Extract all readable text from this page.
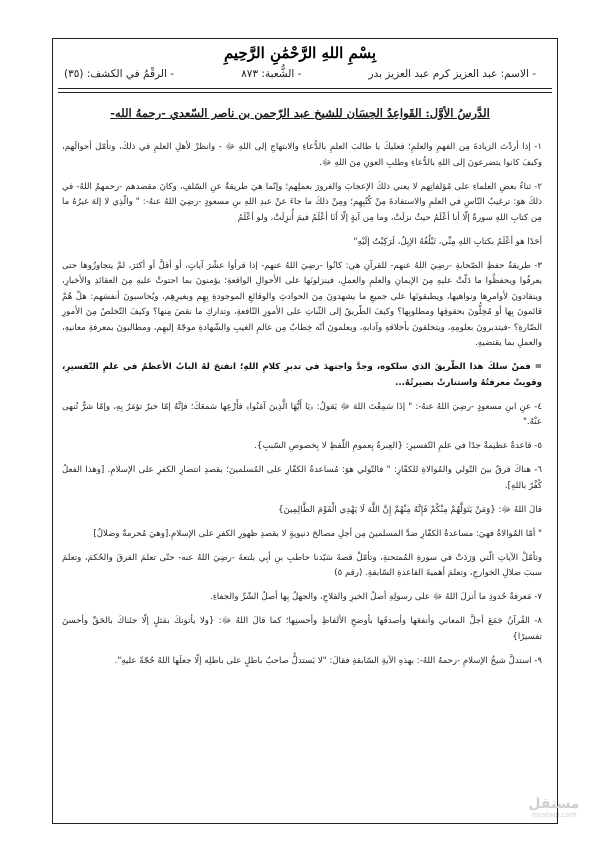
بِسْمِ اللهِ الرَّحْمَٰنِ الرَّحِيمِ
- الاسم: عبد العزيز كرم عبد العزيز بدر
- الشُّعبة: ٨٧٣
- الرقْمُ في الكشف: (٣٥)
الدَّرسُ الأوَّل: القَواعِدُ الحِسَان للشيخِ عبد الرّحمن بن ناصر السّعدي -رحمهُ الله-

١- إذا أردْتَ الزيادةَ مِن الفهمِ والعلمِ؛ فعليكَ يا طالبَ العلمِ بالدُّعاءِ والابتهاجِ إلى اللهِ ﷻ - وانظرْ لأهلِ العلمِ في ذلكَ، وتأمّل أحوالَهم، وكيفَ كانوا يتضرعونَ إلى اللهِ بالدُّعاءِ وطلبِ العونِ مِنَ اللهِ ﷻ.

٢- ثناءُ بعضِ العلماءِ على مُؤلفاتِهم لا يعني ذلكَ الإعجابَ والغرورَ بعملِهم؛ وإنّما هيَ طريقةٌ عنِ السّلفِ، وكانَ مقصدهم -رحمهمُ اللهُ- في ذلكَ هوَ: ترغيبُ النّاسِ في العلمِ والاستفادةَ مِنْ كُتُبِهِم؛ ومِنْ ذلكَ ما جاءَ عنْ عبدِ اللهِ بنِ مسعودٍ -رضِيَ اللهُ عنهُ-: " والّذِي لا إلهَ غيرُهُ ما مِن كتابِ اللهِ سورةٌ إلّا أنا أعْلَمُ حيثُ نزلَتْ، وما مِن آيةٍ إلّا أنَا أعْلَمُ فيمَ أُنزِلَتْ، ولو أعْلَمُ

أحَدًا هو أعْلَمُ بكتابِ اللهِ مِنِّي، تَبْلُغُهُ الإبِلُ، لَرَكِبْتُ إلَيْهِ"

٣- طريقةُ حفظِ الصّحابةِ -رضِيَ اللهُ عنهم- للقرآنِ هي: كانُوا -رضِيَ اللهُ عنهم- إذا قرأوا عشْرَ آياتٍ، أو أقلَّ أو أكثرَ، لمْ يتجاوزُوها حتى يعرفُوا ويحفظُوا ما دَلّتْ عليهِ مِنَ الإيمانِ والعلمِ والعملِ، فينزلونَها على الأحوالِ الواقعةِ؛ يؤمنونَ بما احتوتْ عليهِ مِنَ العقائدِ والأخبارِ، وينقادونَ لأوامرِها ونواهيها، ويطبقونَها على جميعِ ما يشهدونَ مِنَ الحوادثِ والوقائعِ الموجودةِ بِهِم وبغيرِهِم، ويُحاسبونَ أنفسَهم: هلْ هُمْ قائمونَ بِها أو مُخِلُّونَ بحقوقِها ومطلوبِها؟ وكيفَ الطّريقُ إلى الثّباتِ على الأمورِ النّافعةِ، وتداركِ ما نقصَ مِنها؟ وكيفَ التّخلصُ مِنَ الأمورِ الضّارةِ؟ -فيتدبرونَ بعلومِهِ، ويتخلقونَ بأخلاقهِ وآدابهِ، ويعلمونَ أنّه خِطابٌ مِن عالمِ الغيبِ والشّهادةِ موجّهٌ إليهِم، ومطالبونَ بمعرفةِ معانيهِ، والعملِ بما يقتضيهِ.

= فمنْ سلكَ هذا الطّريقَ الذي سلكوه، وجدَّ واجتهدَ في تدبرِ كلامِ اللهِ؛ انفتحَ لهُ البابُ الأعظمُ في علمِ التّفسيرِ، وقويتْ معرفتُهُ واستنارتْ بصيرتُهُ...

٤- عنِ ابنِ مسعودٍ -رضِيَ اللهُ عنهُ-: " إذَا سَمِعْتَ اللهَ ﷻ يَقولُ: ﴿يَا أَيُّهَا الَّذِينَ آمَنُوا﴾ فأَرْعِها سَمعَكَ؛ فإنَّهُ إمّا خيرٌ تؤمَرُ بِهِ، وإمّا شرٌّ تُنهى عنْهُ."

٥- قاعدةٌ عظيمةٌ جدًا في علمِ التّفسيرِ: {العِبرةُ بِعمومِ اللّفظِ لا بِخصوصِ السّببِ}.

٦- هناكَ فرقٌ بينَ التّولي والمُوالاةِ للكفّارِ: " فالتّولي هوَ: مُساعدةُ الكفّارِ على المُسلمينَ؛ بقصدِ انتصارِ الكفرِ على الإسلامِ. [وهذا الفعلُ كُفْرٌ باللهِ].

قالَ اللهُ ﷻ: {وَمَنْ يَتَوَلَّهُمْ مِنْكُمْ فَإِنَّهُ مِنْهُمْ إِنَّ اللَّهَ لَا يَهْدِي الْقَوْمَ الظَّالِمِينَ}

" أمّا المُوالاةُ فهيَ: مساعدةُ الكفّارِ ضدَّ المسلمينَ مِن أجلِ مصالحَ دنيويةٍ لا بقصدِ ظهورِ الكفرِ على الإسلامِ.[وهيَ مُحرمةٌ وضلالٌ]

وتأمّلْ الآياتِ الّتي وَرَدَتْ في سورةِ المُمتحنةِ، وتأمّلْ قصةَ سَيّدنا حاطبِ بنِ أبِي بلتعةَ -رضِيَ اللهُ عنه- حتّى تعلمَ الفرقَ والحُكمَ، وتعلمَ سببَ ضلالِ الخوارجِ، وتعلمَ أهميةَ القاعدةِ السّابقةِ. (رقم ٥)

٧- مَعرفةُ حُدودِ ما أنزلَ اللهُ ﷻ على رسولِهِ أصلُ الخيرِ والفلاحِ، والجهلُ بِها أصلُ الشّرِّ والجفاءِ.

٨- القُرآنُ جَمَعَ أجلَّ المعاني وأنفعَها وأصدقَها بأوضحِ الألفاظِ وأحسنِها؛ كما قالَ اللهُ ﷻ: {ولا يأتونكَ بمَثلٍ إلّا جئناكَ بالحَقِّ وأحسنَ تفسيرًا}

٩- استدلَّ شيخُ الإسلامِ -رحمهُ اللهُ-: بهذهِ الآيةِ السّابقةِ فقالَ: "لا يَستدلُّ صاحبُ باطلٍ على باطلِه إلّا جعلَها اللهُ حُجّةً عليهِ".

مستقل
mostaql.com
